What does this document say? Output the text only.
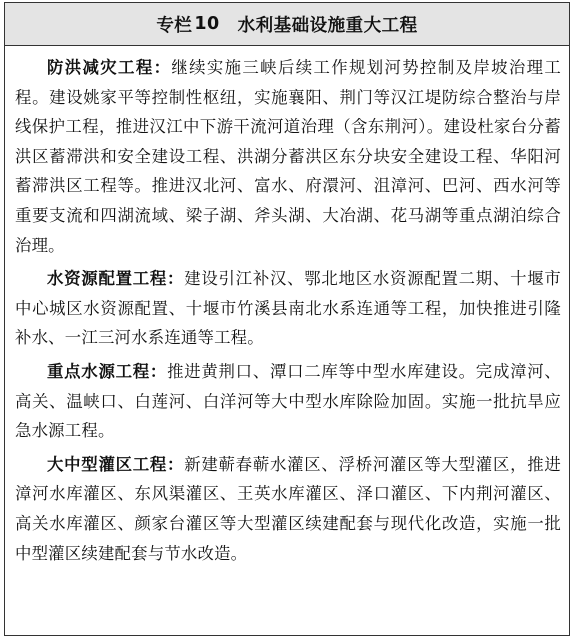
专栏 10 水利基础设施重大工程

防洪减灾工程：继续实施三峡后续工作规划河势控制及岸坡治理工程。建设姚家平等控制性枢纽，实施襄阳、荆门等汉江堤防综合整治与岸线保护工程，推进汉江中下游干流河道治理（含东荆河）。建设杜家台分蓄洪区蓄滞洪和安全建设工程、洪湖分蓄洪区东分块安全建设工程、华阳河蓄滞洪区工程等。推进汉北河、富水、府澴河、沮漳河、巴河、西水河等重要支流和四湖流域、梁子湖、斧头湖、大冶湖、花马湖等重点湖泊综合治理。

水资源配置工程：建设引江补汉、鄂北地区水资源配置二期、十堰市中心城区水资源配置、十堰市竹溪县南北水系连通等工程，加快推进引隆补水、一江三河水系连通等工程。

重点水源工程：推进黄荆口、潭口二库等中型水库建设。完成漳河、高关、温峡口、白莲河、白洋河等大中型水库除险加固。实施一批抗旱应急水源工程。

大中型灌区工程：新建蕲春蕲水灌区、浮桥河灌区等大型灌区，推进漳河水库灌区、东风渠灌区、王英水库灌区、泽口灌区、下内荆河灌区、高关水库灌区、颜家台灌区等大型灌区续建配套与现代化改造，实施一批中型灌区续建配套与节水改造。
